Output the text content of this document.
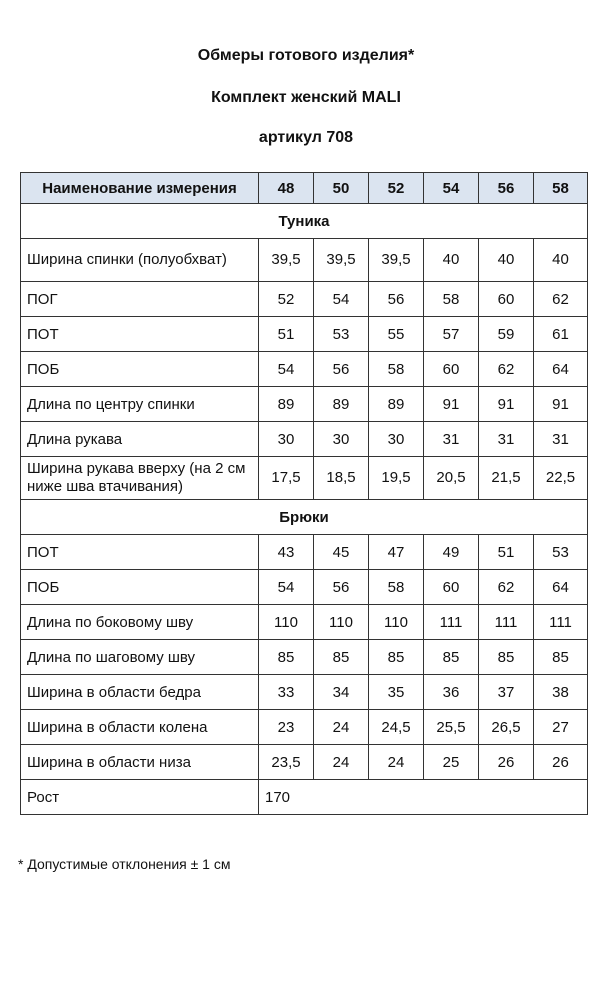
Обмеры готового изделия*
Комплект женский MALI
артикул 708
Наименование измерения	48	50	52	54	56	58
Туника						
Ширина спинки (полуобхват)	39,5	39,5	39,5	40	40	40
ПОГ	52	54	56	58	60	62
ПОТ	51	53	55	57	59	61
ПОБ	54	56	58	60	62	64
Длина по центру спинки	89	89	89	91	91	91
Длина рукава	30	30	30	31	31	31
Ширина рукава вверху (на 2 см ниже шва втачивания)	17,5	18,5	19,5	20,5	21,5	22,5
Брюки						
ПОТ	43	45	47	49	51	53
ПОБ	54	56	58	60	62	64
Длина по боковому шву	110	110	110	111	111	111
Длина по шаговому шву	85	85	85	85	85	85
Ширина в области бедра	33	34	35	36	37	38
Ширина в области колена	23	24	24,5	25,5	26,5	27
Ширина в области низа	23,5	24	24	25	26	26
Рост	170					
* Допустимые отклонения ± 1 см
